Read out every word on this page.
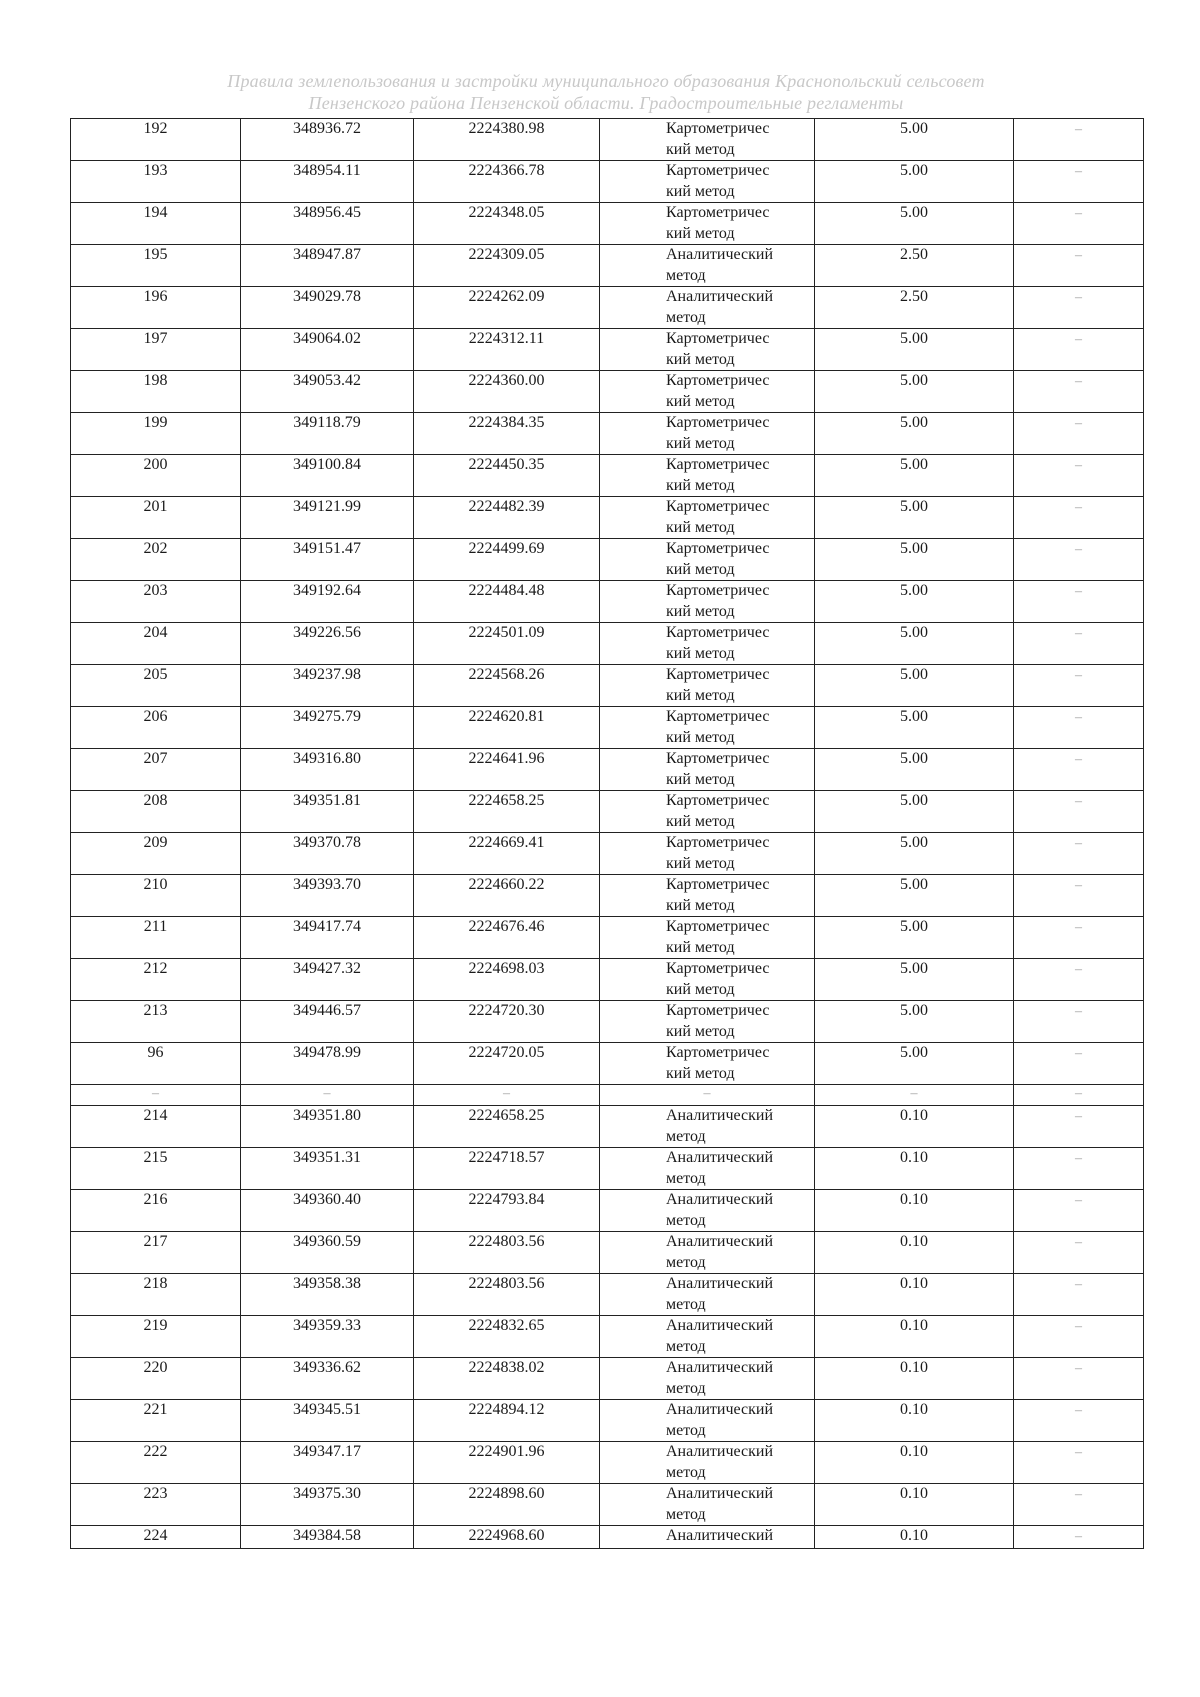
Правила землепользования и застройки муниципального образования Краснопольский сельсовет
Пензенского района Пензенской области. Градостроительные регламенты
192	348936.72	2224380.98	Картометричес кий метод	5.00	–
193	348954.11	2224366.78	Картометричес кий метод	5.00	–
194	348956.45	2224348.05	Картометричес кий метод	5.00	–
195	348947.87	2224309.05	Аналитический метод	2.50	–
196	349029.78	2224262.09	Аналитический метод	2.50	–
197	349064.02	2224312.11	Картометричес кий метод	5.00	–
198	349053.42	2224360.00	Картометричес кий метод	5.00	–
199	349118.79	2224384.35	Картометричес кий метод	5.00	–
200	349100.84	2224450.35	Картометричес кий метод	5.00	–
201	349121.99	2224482.39	Картометричес кий метод	5.00	–
202	349151.47	2224499.69	Картометричес кий метод	5.00	–
203	349192.64	2224484.48	Картометричес кий метод	5.00	–
204	349226.56	2224501.09	Картометричес кий метод	5.00	–
205	349237.98	2224568.26	Картометричес кий метод	5.00	–
206	349275.79	2224620.81	Картометричес кий метод	5.00	–
207	349316.80	2224641.96	Картометричес кий метод	5.00	–
208	349351.81	2224658.25	Картометричес кий метод	5.00	–
209	349370.78	2224669.41	Картометричес кий метод	5.00	–
210	349393.70	2224660.22	Картометричес кий метод	5.00	–
211	349417.74	2224676.46	Картометричес кий метод	5.00	–
212	349427.32	2224698.03	Картометричес кий метод	5.00	–
213	349446.57	2224720.30	Картометричес кий метод	5.00	–
96	349478.99	2224720.05	Картометричес кий метод	5.00	–
–	–	–	–	–	–
214	349351.80	2224658.25	Аналитический метод	0.10	–
215	349351.31	2224718.57	Аналитический метод	0.10	–
216	349360.40	2224793.84	Аналитический метод	0.10	–
217	349360.59	2224803.56	Аналитический метод	0.10	–
218	349358.38	2224803.56	Аналитический метод	0.10	–
219	349359.33	2224832.65	Аналитический метод	0.10	–
220	349336.62	2224838.02	Аналитический метод	0.10	–
221	349345.51	2224894.12	Аналитический метод	0.10	–
222	349347.17	2224901.96	Аналитический метод	0.10	–
223	349375.30	2224898.60	Аналитический метод	0.10	–
224	349384.58	2224968.60	Аналитический	0.10	–
